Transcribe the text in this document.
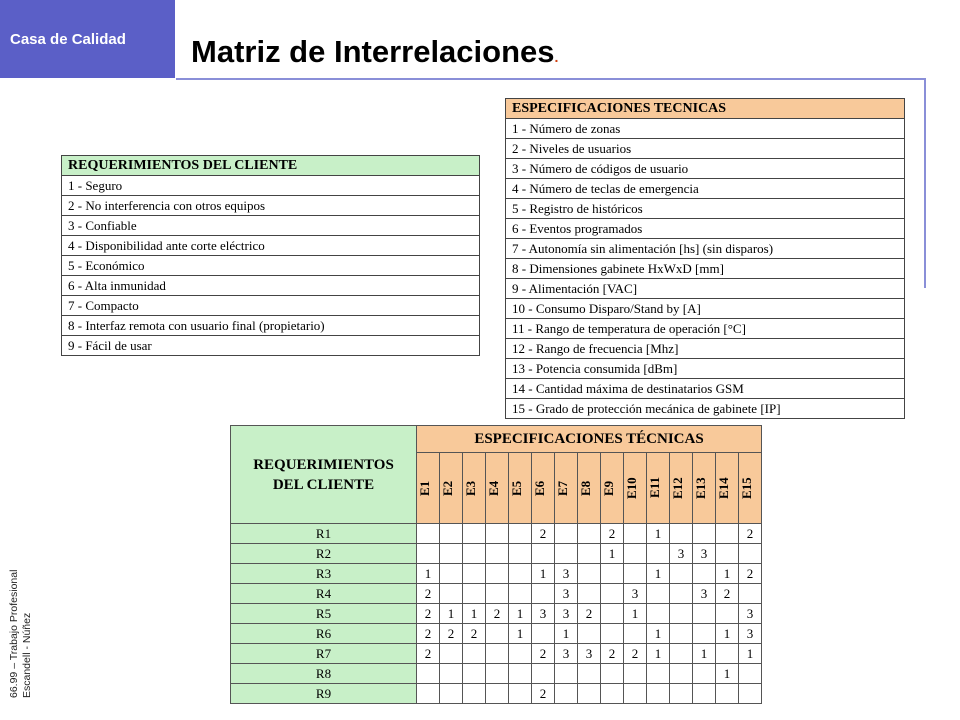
Casa de Calidad Matriz de Interrelaciones.
66.99 – Trabajo Profesional Escandell - Núñez
REQUERIMIENTOS DEL CLIENTE
1 - Seguro
2 - No interferencia con otros equipos
3 - Confiable
4 - Disponibilidad ante corte eléctrico
5 - Económico
6 - Alta inmunidad
7 - Compacto
8 - Interfaz remota con usuario final (propietario)
9 - Fácil de usar
ESPECIFICACIONES TECNICAS
1 - Número de zonas
2 - Niveles de usuarios
3 - Número de códigos de usuario
4 - Número de teclas de emergencia
5 - Registro de históricos
6 - Eventos programados
7 - Autonomía sin alimentación [hs] (sin disparos)
8 - Dimensiones gabinete HxWxD [mm]
9 - Alimentación [VAC]
10 - Consumo Disparo/Stand by [A]
11 - Rango de temperatura de operación [°C]
12 - Rango de frecuencia [Mhz]
13 - Potencia consumida [dBm]
14 - Cantidad máxima de destinatarios GSM
15 - Grado de protección mecánica de gabinete [IP]
REQUERIMIENTOS
DEL CLIENTE	ESPECIFICACIONES TÉCNICAS														

	E1	E2	E3	E4	E5	E6	E7	E8	E9	E10	E11	E12	E13	E14	E15

R1						2			2		1				2
R2									1			3	3		
R3	1					1	3				1			1	2
R4	2						3			3			3	2	
R5	2	1	1	2	1	3	3	2		1					3
R6	2	2	2		1		1				1			1	3
R7	2					2	3	3	2	2	1		1		1
R8														1	
R9						2									
